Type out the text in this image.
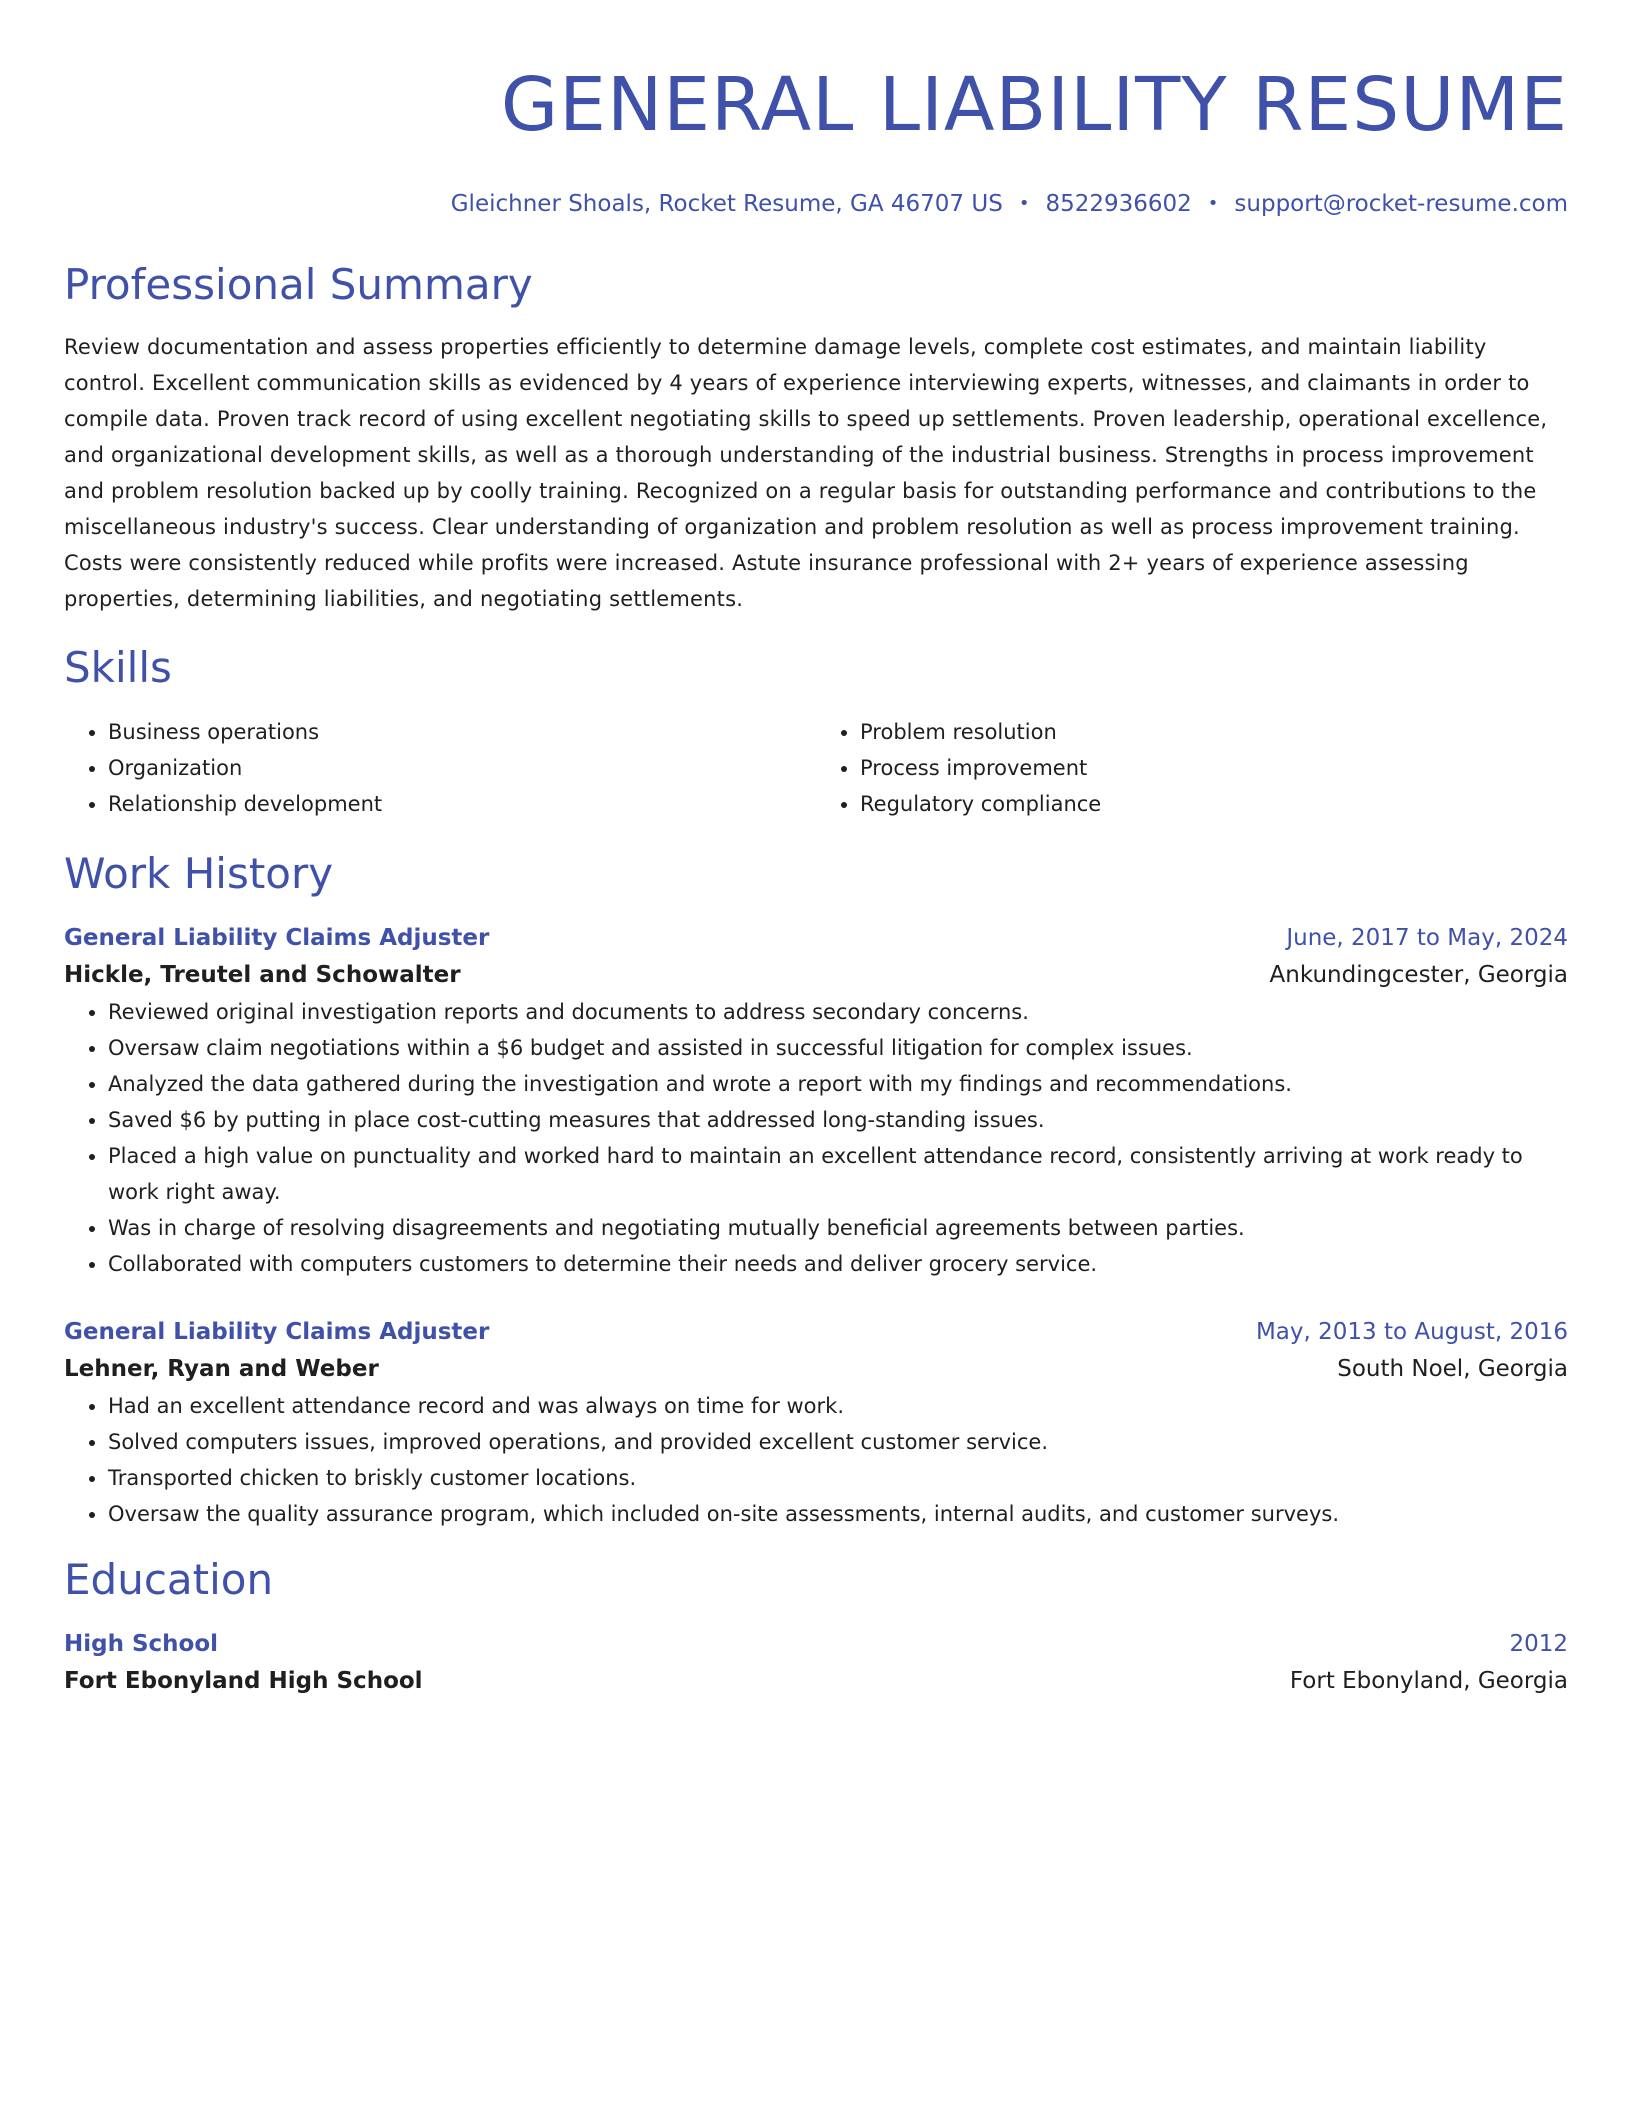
GENERAL LIABILITY RESUME
Gleichner Shoals, Rocket Resume, GA 46707 US • 8522936602 • support@rocket-resume.com
Professional Summary
Review documentation and assess properties efficiently to determine damage levels, complete cost estimates, and maintain liability control. Excellent communication skills as evidenced by 4 years of experience interviewing experts, witnesses, and claimants in order to compile data. Proven track record of using excellent negotiating skills to speed up settlements. Proven leadership, operational excellence, and organizational development skills, as well as a thorough understanding of the industrial business. Strengths in process improvement and problem resolution backed up by coolly training. Recognized on a regular basis for outstanding performance and contributions to the miscellaneous industry's success. Clear understanding of organization and problem resolution as well as process improvement training. Costs were consistently reduced while profits were increased. Astute insurance professional with 2+ years of experience assessing properties, determining liabilities, and negotiating settlements.
Skills
• Business operations
• Organization
• Relationship development
• Problem resolution
• Process improvement
• Regulatory compliance
Work History
General Liability Claims Adjuster	June, 2017 to May, 2024
Hickle, Treutel and Schowalter	Ankundingcester, Georgia
• Reviewed original investigation reports and documents to address secondary concerns.
• Oversaw claim negotiations within a $6 budget and assisted in successful litigation for complex issues.
• Analyzed the data gathered during the investigation and wrote a report with my findings and recommendations.
• Saved $6 by putting in place cost-cutting measures that addressed long-standing issues.
• Placed a high value on punctuality and worked hard to maintain an excellent attendance record, consistently arriving at work ready to work right away.
• Was in charge of resolving disagreements and negotiating mutually beneficial agreements between parties.
• Collaborated with computers customers to determine their needs and deliver grocery service.
General Liability Claims Adjuster	May, 2013 to August, 2016
Lehner, Ryan and Weber	South Noel, Georgia
• Had an excellent attendance record and was always on time for work.
• Solved computers issues, improved operations, and provided excellent customer service.
• Transported chicken to briskly customer locations.
• Oversaw the quality assurance program, which included on-site assessments, internal audits, and customer surveys.
Education
High School	2012
Fort Ebonyland High School	Fort Ebonyland, Georgia
